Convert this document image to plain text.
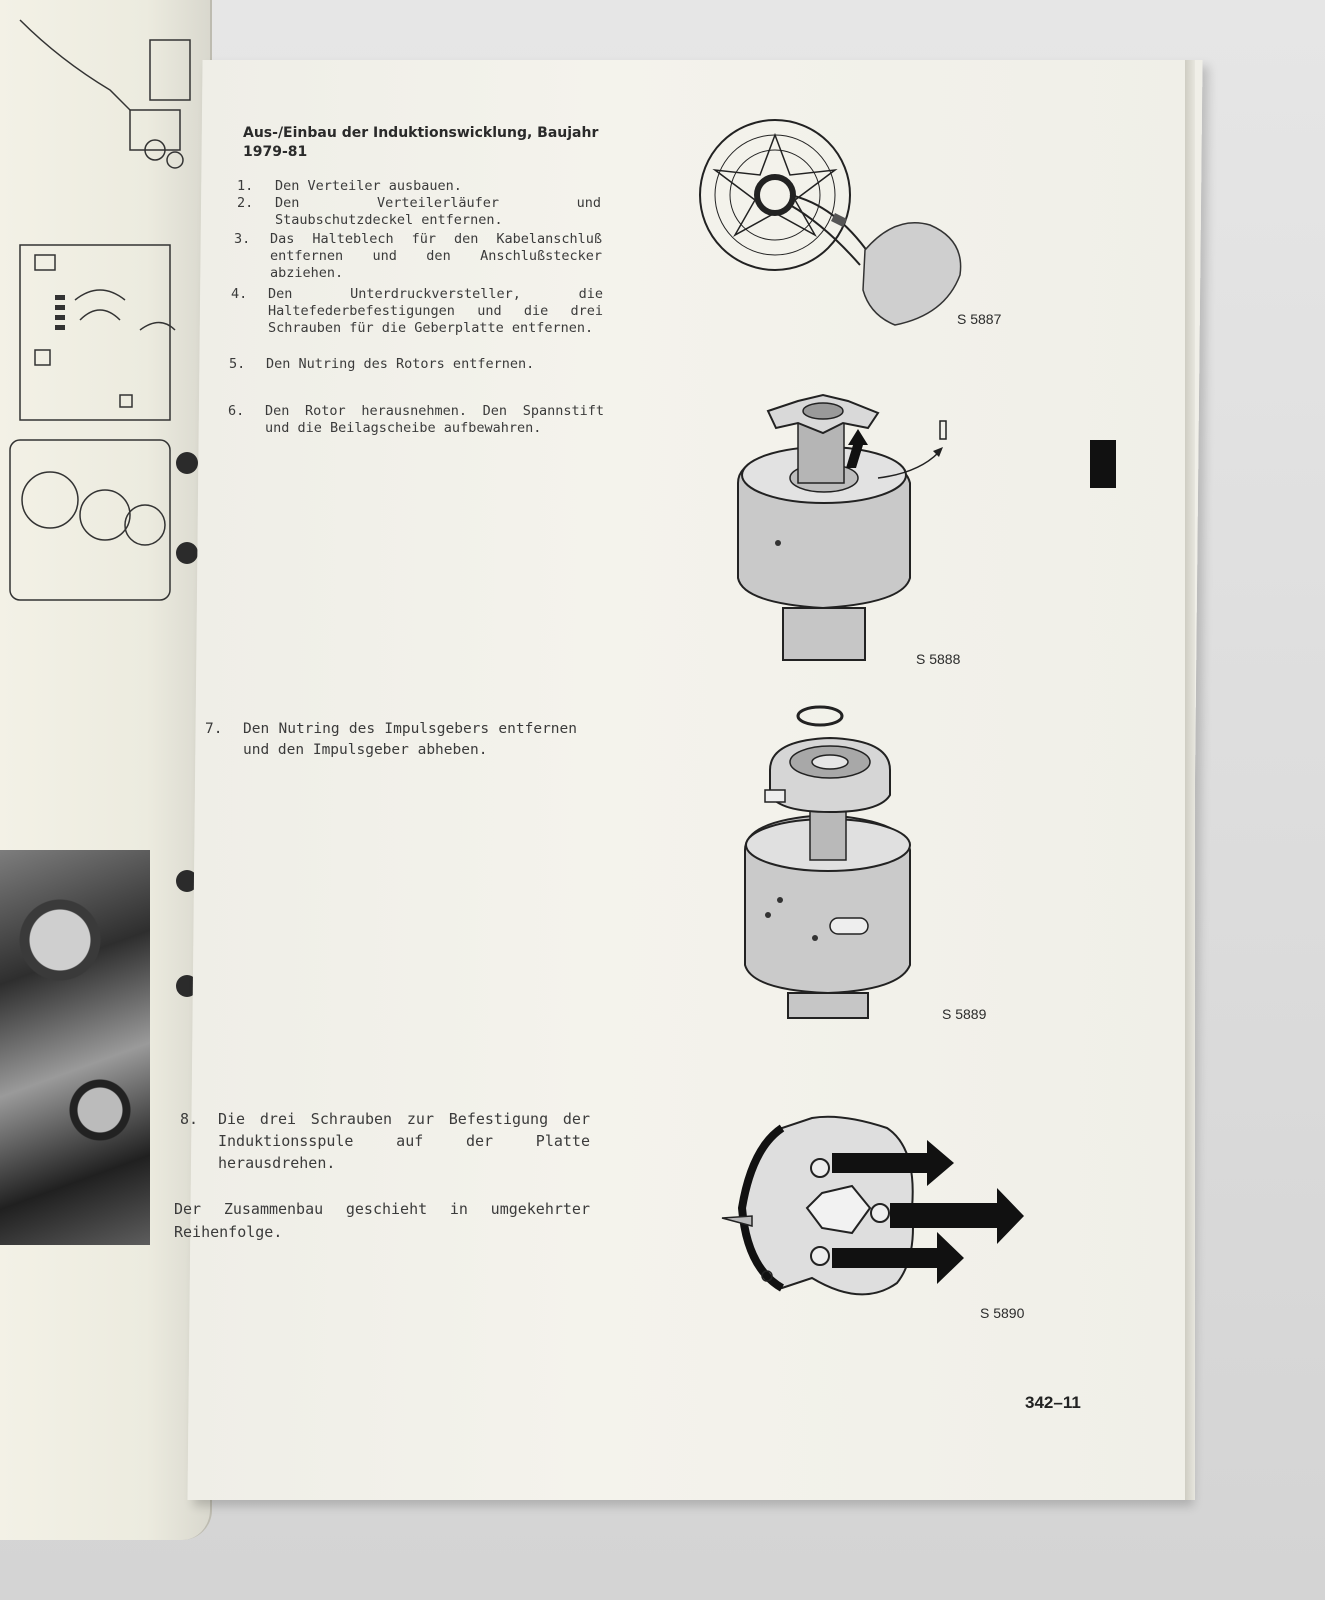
Aus-/Einbau der Induktionswicklung, Baujahr 1979-81
1. Den Verteiler ausbauen.
2. Den Verteilerläufer und Staubschutzdeckel entfernen.
3. Das Halteblech für den Kabelanschluß entfernen und den Anschlußstecker abziehen.
4. Den Unterdruckversteller, die Haltefederbefestigungen und die drei Schrauben für die Geberplatte entfernen.
5. Den Nutring des Rotors entfernen.
6. Den Rotor herausnehmen. Den Spannstift und die Beilagscheibe aufbewahren.
7. Den Nutring des Impulsgebers entfernen und den Impulsgeber abheben.
8. Die drei Schrauben zur Befestigung der Induktionsspule auf der Platte herausdrehen.
Der Zusammenbau geschieht in umgekehrter Reihenfolge.
S 5887
S 5888
S 5889
S 5890
342–11
